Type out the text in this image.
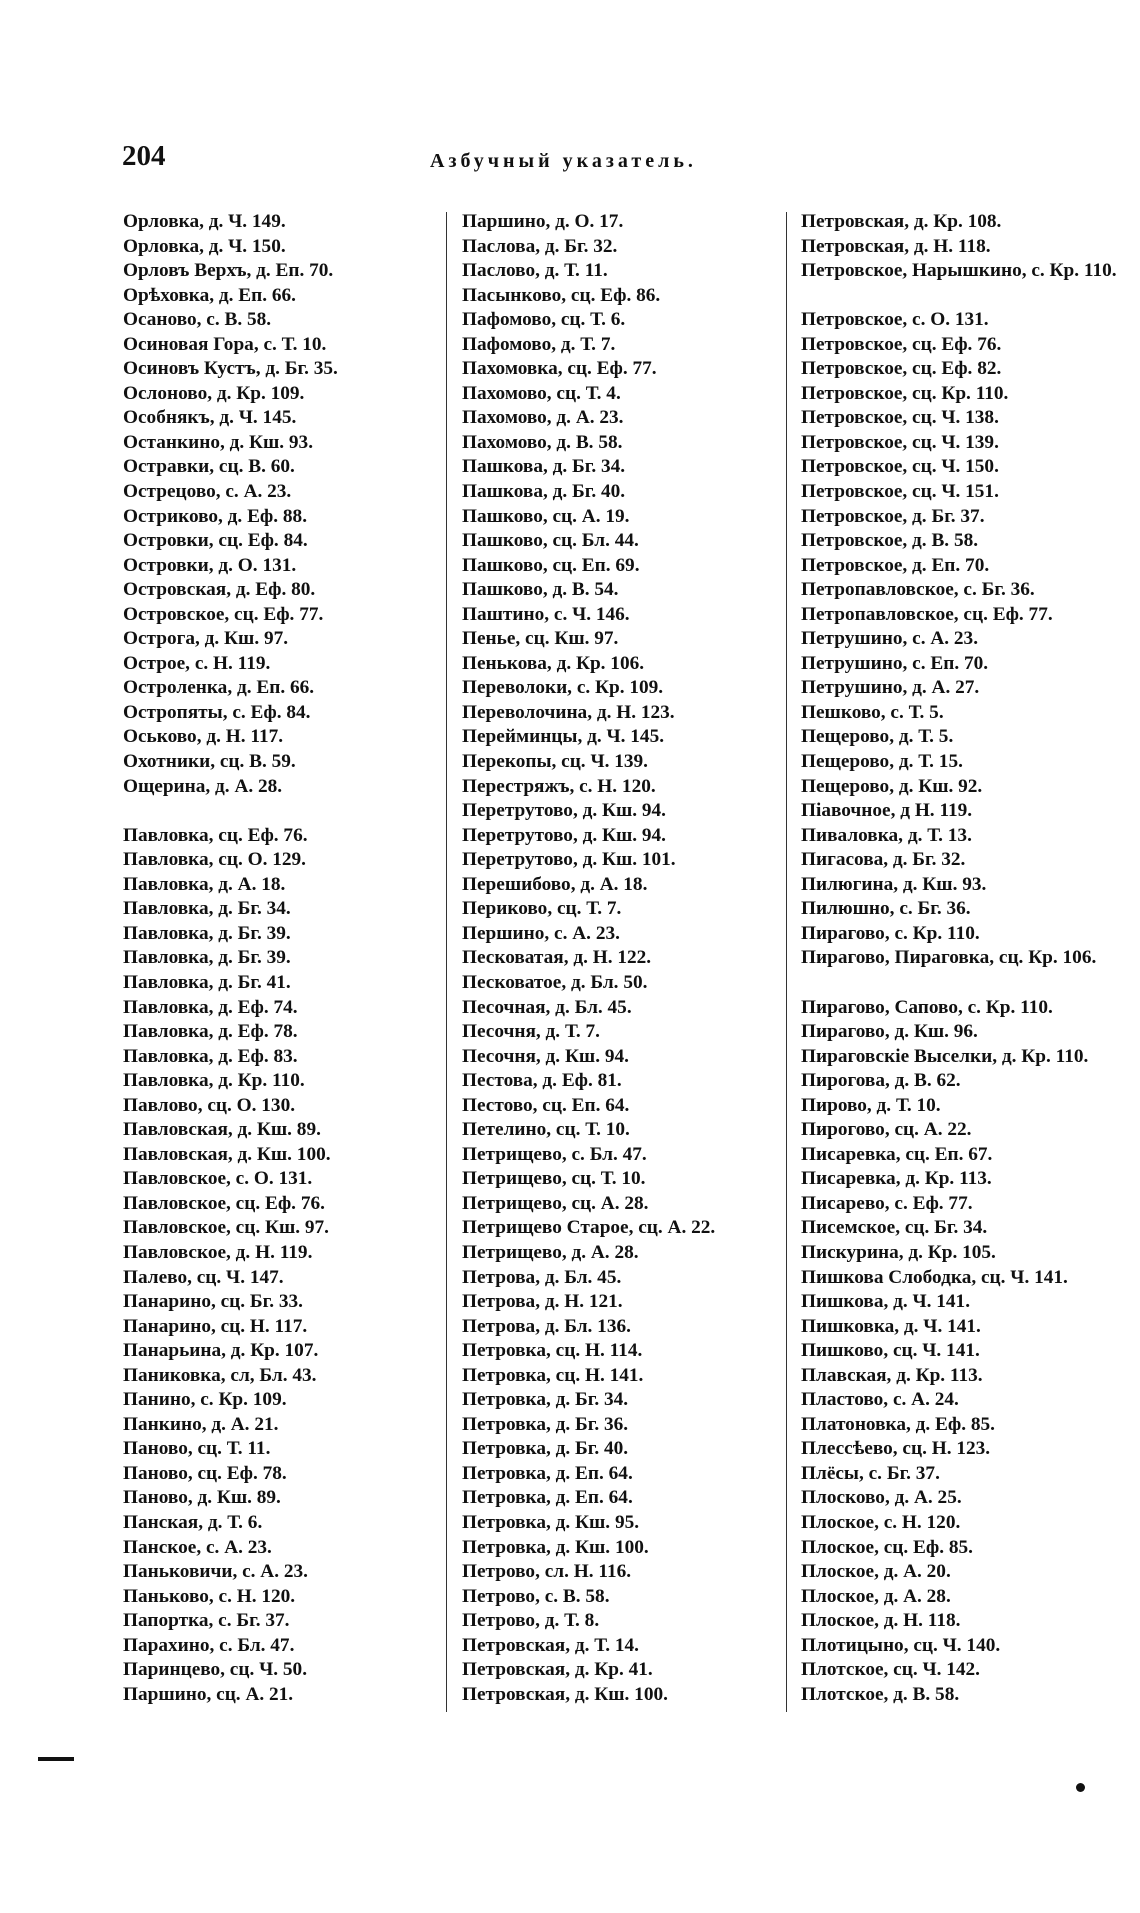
204	Азбучный указатель.
Орловка, д. Ч. 149.
Орловка, д. Ч. 150.
Орловъ Верхъ, д. Еп. 70.
Орѣховка, д. Еп. 66.
Осаново, с. В. 58.
Осиновая Гора, с. Т. 10.
Осиновъ Кустъ, д. Бг. 35.
Ослоново, д. Кр. 109.
Особнякъ, д. Ч. 145.
Останкино, д. Кш. 93.
Остравки, сц. В. 60.
Острецово, с. А. 23.
Остриково, д. Еф. 88.
Островки, сц. Еф. 84.
Островки, д. О. 131.
Островская, д. Еф. 80.
Островское, сц. Еф. 77.
Острога, д. Кш. 97.
Острое, с. Н. 119.
Остроленка, д. Еп. 66.
Остропяты, с. Еф. 84.
Оськово, д. Н. 117.
Охотники, сц. В. 59.
Ощерина, д. А. 28.
Павловка, сц. Еф. 76.
Павловка, сц. О. 129.
Павловка, д. А. 18.
Павловка, д. Бг. 34.
Павловка, д. Бг. 39.
Павловка, д. Бг. 39.
Павловка, д. Бг. 41.
Павловка, д. Еф. 74.
Павловка, д. Еф. 78.
Павловка, д. Еф. 83.
Павловка, д. Кр. 110.
Павлово, сц. О. 130.
Павловская, д. Кш. 89.
Павловская, д. Кш. 100.
Павловское, с. О. 131.
Павловское, сц. Еф. 76.
Павловское, сц. Кш. 97.
Павловское, д. Н. 119.
Палево, сц. Ч. 147.
Панарино, сц. Бг. 33.
Панарино, сц. Н. 117.
Панарьина, д. Кр. 107.
Паниковка, сл, Бл. 43.
Панино, с. Кр. 109.
Панкино, д. А. 21.
Паново, сц. Т. 11.
Паново, сц. Еф. 78.
Паново, д. Кш. 89.
Панская, д. Т. 6.
Панское, с. А. 23.
Паньковичи, с. А. 23.
Паньково, с. Н. 120.
Папортка, с. Бг. 37.
Парахино, с. Бл. 47.
Паринцево, сц. Ч. 50.
Паршино, сц. А. 21.
Паршино, д. О. 17.
Паслова, д. Бг. 32.
Паслово, д. Т. 11.
Пасынково, сц. Еф. 86.
Пафомово, сц. Т. 6.
Пафомово, д. Т. 7.
Пахомовка, сц. Еф. 77.
Пахомово, сц. Т. 4.
Пахомово, д. А. 23.
Пахомово, д. В. 58.
Пашкова, д. Бг. 34.
Пашкова, д. Бг. 40.
Пашково, сц. А. 19.
Пашково, сц. Бл. 44.
Пашково, сц. Еп. 69.
Пашково, д. В. 54.
Паштино, с. Ч. 146.
Пенье, сц. Кш. 97.
Пенькова, д. Кр. 106.
Переволоки, с. Кр. 109.
Переволочина, д. Н. 123.
Перейминцы, д. Ч. 145.
Перекопы, сц. Ч. 139.
Перестряжъ, с. Н. 120.
Перетрутово, д. Кш. 94.
Перетрутово, д. Кш. 94.
Перетрутово, д. Кш. 101.
Перешибово, д. А. 18.
Периково, сц. Т. 7.
Першино, с. А. 23.
Песковатая, д. Н. 122.
Песковатое, д. Бл. 50.
Песочная, д. Бл. 45.
Песочня, д. Т. 7.
Песочня, д. Кш. 94.
Пестова, д. Еф. 81.
Пестово, сц. Еп. 64.
Петелино, сц. Т. 10.
Петрищево, с. Бл. 47.
Петрищево, сц. Т. 10.
Петрищево, сц. А. 28.
Петрищево Старое, сц. А. 22.
Петрищево, д. А. 28.
Петрова, д. Бл. 45.
Петрова, д. Н. 121.
Петрова, д. Бл. 136.
Петровка, сц. Н. 114.
Петровка, сц. Н. 141.
Петровка, д. Бг. 34.
Петровка, д. Бг. 36.
Петровка, д. Бг. 40.
Петровка, д. Еп. 64.
Петровка, д. Еп. 64.
Петровка, д. Кш. 95.
Петровка, д. Кш. 100.
Петрово, сл. Н. 116.
Петрово, с. В. 58.
Петрово, д. Т. 8.
Петровская, д. Т. 14.
Петровская, д. Кр. 41.
Петровская, д. Кш. 100.
Петровская, д. Кр. 108.
Петровская, д. Н. 118.
Петровское, Нарышкино, с. Кр. 110.
Петровское, с. О. 131.
Петровское, сц. Еф. 76.
Петровское, сц. Еф. 82.
Петровское, сц. Кр. 110.
Петровское, сц. Ч. 138.
Петровское, сц. Ч. 139.
Петровское, сц. Ч. 150.
Петровское, сц. Ч. 151.
Петровское, д. Бг. 37.
Петровское, д. В. 58.
Петровское, д. Еп. 70.
Петропавловское, с. Бг. 36.
Петропавловское, сц. Еф. 77.
Петрушино, с. А. 23.
Петрушино, с. Еп. 70.
Петрушино, д. А. 27.
Пешково, с. Т. 5.
Пещерово, д. Т. 5.
Пещерово, д. Т. 15.
Пещерово, д. Кш. 92.
Пiавочное, д Н. 119.
Пиваловка, д. Т. 13.
Пигасова, д. Бг. 32.
Пилюгина, д. Кш. 93.
Пилюшно, с. Бг. 36.
Пирагово, с. Кр. 110.
Пирагово, Пираговка, сц. Кр. 106.
Пирагово, Сапово, с. Кр. 110.
Пирагово, д. Кш. 96.
Пираговскiе Выселки, д. Кр. 110.
Пирогова, д. В. 62.
Пирово, д. Т. 10.
Пирогово, сц. А. 22.
Писаревка, сц. Еп. 67.
Писаревка, д. Кр. 113.
Писарево, с. Еф. 77.
Писемское, сц. Бг. 34.
Пискурина, д. Кр. 105.
Пишкова Слободка, сц. Ч. 141.
Пишкова, д. Ч. 141.
Пишковка, д. Ч. 141.
Пишково, сц. Ч. 141.
Плавская, д. Кр. 113.
Пластово, с. А. 24.
Платоновка, д. Еф. 85.
Плессѣево, сц. Н. 123.
Плёсы, с. Бг. 37.
Плосково, д. А. 25.
Плоское, с. Н. 120.
Плоское, сц. Еф. 85.
Плоское, д. А. 20.
Плоское, д. А. 28.
Плоское, д. Н. 118.
Плотицыно, сц. Ч. 140.
Плотское, сц. Ч. 142.
Плотское, д. В. 58.
